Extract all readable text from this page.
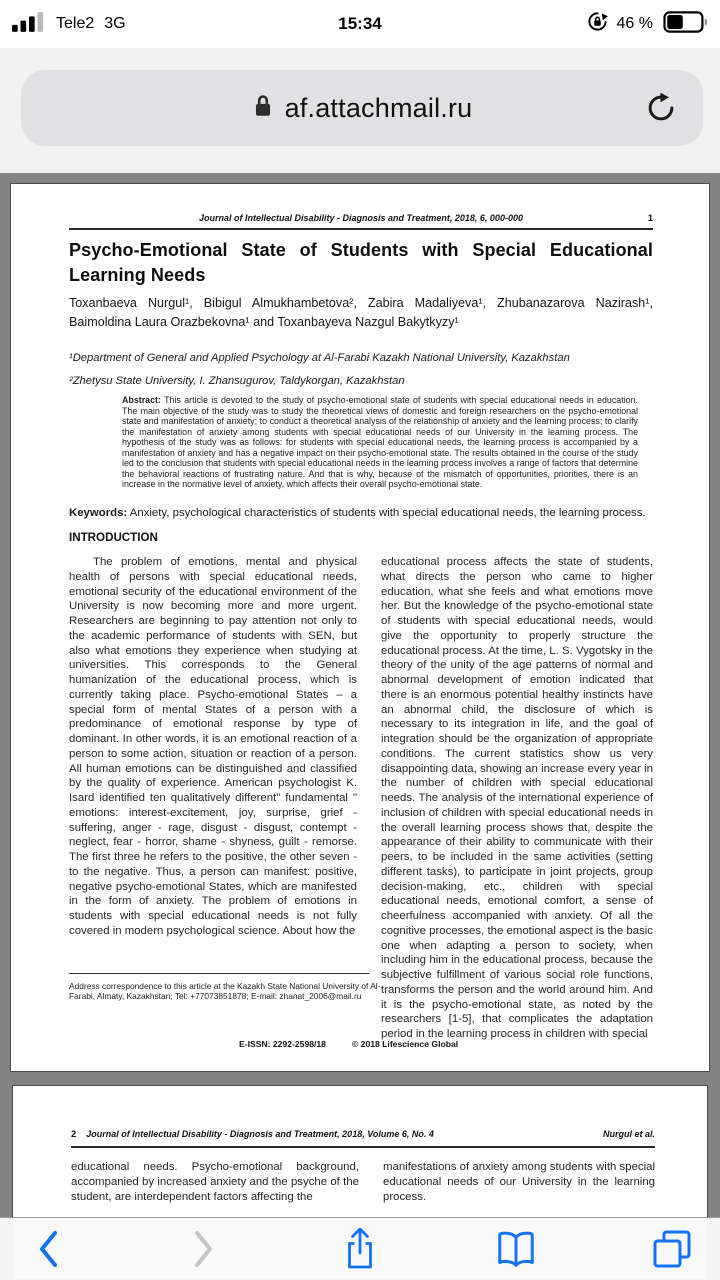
Tele2 3G	15:34	46 %
af.attachmail.ru
Journal of Intellectual Disability - Diagnosis and Treatment, 2018, 6, 000-000	1
Psycho-Emotional State of Students with Special Educational Learning Needs
Toxanbaeva Nurgul¹, Bibigul Almukhambetova², Zabira Madaliyeva¹, Zhubanazarova Nazirash¹, Baimoldina Laura Orazbekovna¹ and Toxanbayeva Nazgul Bakytkyzy¹
¹Department of General and Applied Psychology at Al-Farabi Kazakh National University, Kazakhstan
²Zhetysu State University, I. Zhansugurov, Taldykorgan, Kazakhstan
Abstract: This article is devoted to the study of psycho-emotional state of students with special educational needs in education. The main objective of the study was to study the theoretical views of domestic and foreign researchers on the psycho-emotional state and manifestation of anxiety; to conduct a theoretical analysis of the relationship of anxiety and the learning process; to clarify the manifestation of anxiety among students with special educational needs of our University in the learning process. The hypothesis of the study was as follows: for students with special educational needs, the learning process is accompanied by a manifestation of anxiety and has a negative impact on their psycho-emotional state. The results obtained in the course of the study led to the conclusion that students with special educational needs in the learning process involves a range of factors that determine the behavioral reactions of frustrating nature. And that is why, because of the mismatch of opportunities, priorities, there is an increase in the normative level of anxiety, which affects their overall psycho-emotional state.
Keywords: Anxiety, psychological characteristics of students with special educational needs, the learning process.
INTRODUCTION
The problem of emotions, mental and physical health of persons with special educational needs, emotional security of the educational environment of the University is now becoming more and more urgent. Researchers are beginning to pay attention not only to the academic performance of students with SEN, but also what emotions they experience when studying at universities. This corresponds to the General humanization of the educational process, which is currently taking place. Psycho-emotional States – a special form of mental States of a person with a predominance of emotional response by type of dominant. In other words, it is an emotional reaction of a person to some action, situation or reaction of a person. All human emotions can be distinguished and classified by the quality of experience. American psychologist K. Isard identified ten qualitatively different" fundamental " emotions: interest-excitement, joy, surprise, grief - suffering, anger - rage, disgust - disgust, contempt - neglect, fear - horror, shame - shyness, guilt - remorse. The first three he refers to the positive, the other seven - to the negative. Thus, a person can manifest: positive, negative psycho-emotional States, which are manifested in the form of anxiety. The problem of emotions in students with special educational needs is not fully covered in modern psychological science. About how the
educational process affects the state of students, what directs the person who came to higher education, what she feels and what emotions move her. But the knowledge of the psycho-emotional state of students with special educational needs, would give the opportunity to properly structure the educational process. At the time, L. S. Vygotsky in the theory of the unity of the age patterns of normal and abnormal development of emotion indicated that there is an enormous potential healthy instincts have an abnormal child, the disclosure of which is necessary to its integration in life, and the goal of integration should be the organization of appropriate conditions. The current statistics show us very disappointing data, showing an increase every year in the number of children with special educational needs. The analysis of the international experience of inclusion of children with special educational needs in the overall learning process shows that, despite the appearance of their ability to communicate with their peers, to be included in the same activities (setting different tasks), to participate in joint projects, group decision-making, etc., children with special educational needs, emotional comfort, a sense of cheerfulness accompanied with anxiety. Of all the cognitive processes, the emotional aspect is the basic one when adapting a person to society, when including him in the educational process, because the subjective fulfillment of various social role functions, transforms the person and the world around him. And it is the psycho-emotional state, as noted by the researchers [1-5], that complicates the adaptation period in the learning process in children with special
Address correspondence to this article at the Kazakh State National University of Al-Farabi, Almaty, Kazakhstan; Tel: +77073851878; E-mail: zhanat_2006@mail.ru
E-ISSN: 2292-2598/18	© 2018 Lifescience Global
2 Journal of Intellectual Disability - Diagnosis and Treatment, 2018, Volume 6, No. 4	Nurgul et al.
educational needs. Psycho-emotional background, accompanied by increased anxiety and the psyche of the student, are interdependent factors affecting the
manifestations of anxiety among students with special educational needs of our University in the learning process.
